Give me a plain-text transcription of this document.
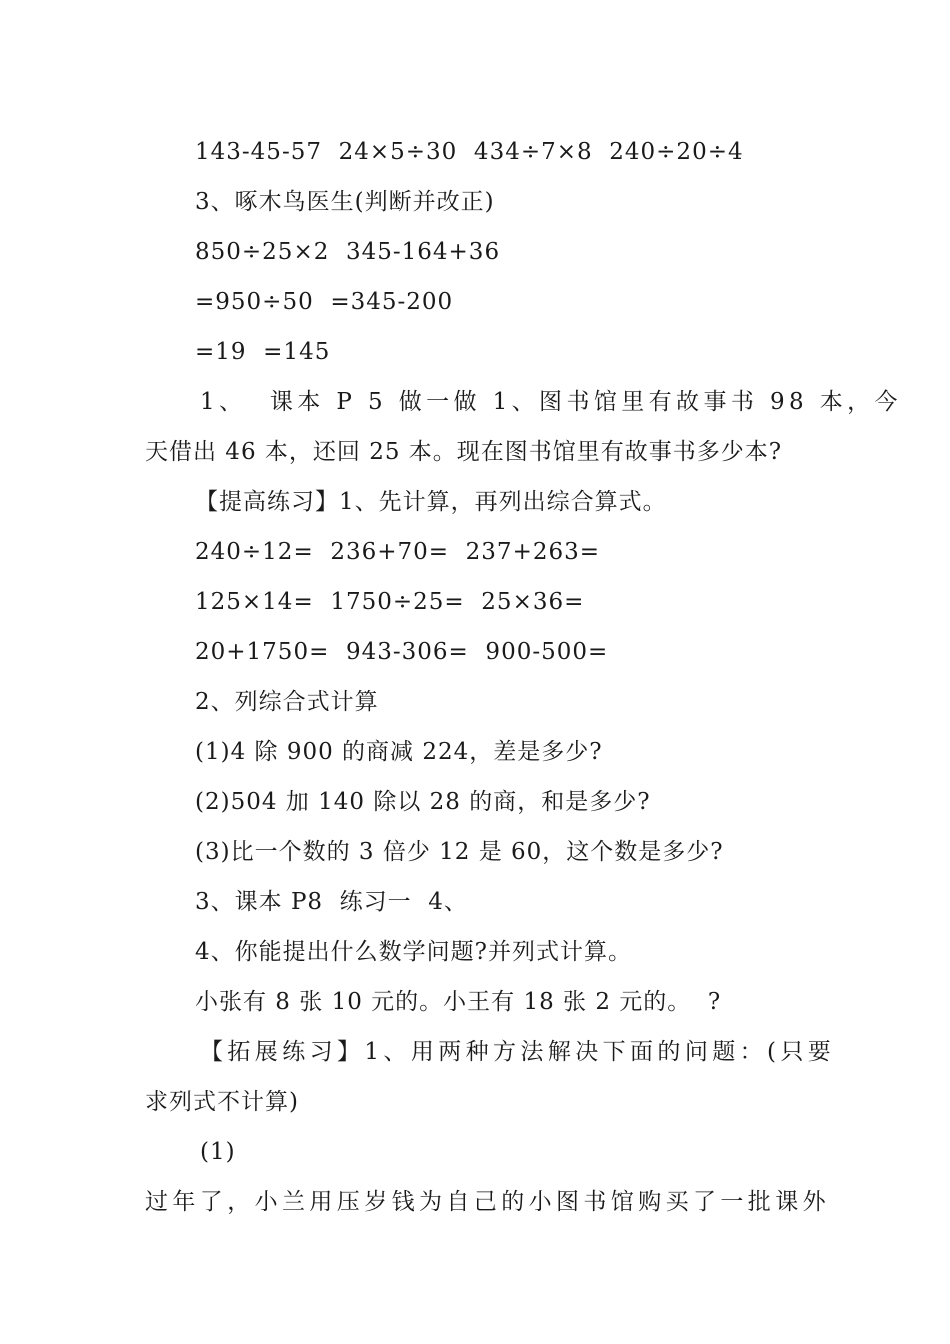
143-45-57  24×5÷30  434÷7×8  240÷20÷4
3、啄木鸟医生(判断并改正)
850÷25×2  345-164+36
=950÷50  =345-200
=19  =145
1、  课本 P 5 做一做 1、图书馆里有故事书 98 本，今
天借出 46 本，还回 25 本。现在图书馆里有故事书多少本?
【提高练习】1、先计算，再列出综合算式。
240÷12=  236+70=  237+263=
125×14=  1750÷25=  25×36=
20+1750=  943-306=  900-500=
2、列综合式计算
(1)4 除 900 的商减 224，差是多少?
(2)504 加 140 除以 28 的商，和是多少?
(3)比一个数的 3 倍少 12 是 60，这个数是多少?
3、课本 P8  练习一  4、
4、你能提出什么数学问题?并列式计算。
小张有 8 张 10 元的。小王有 18 张 2 元的。  ?
【拓展练习】1、用两种方法解决下面的问题：(只要
求列式不计算)
(1)
过年了，小兰用压岁钱为自己的小图书馆购买了一批课外
